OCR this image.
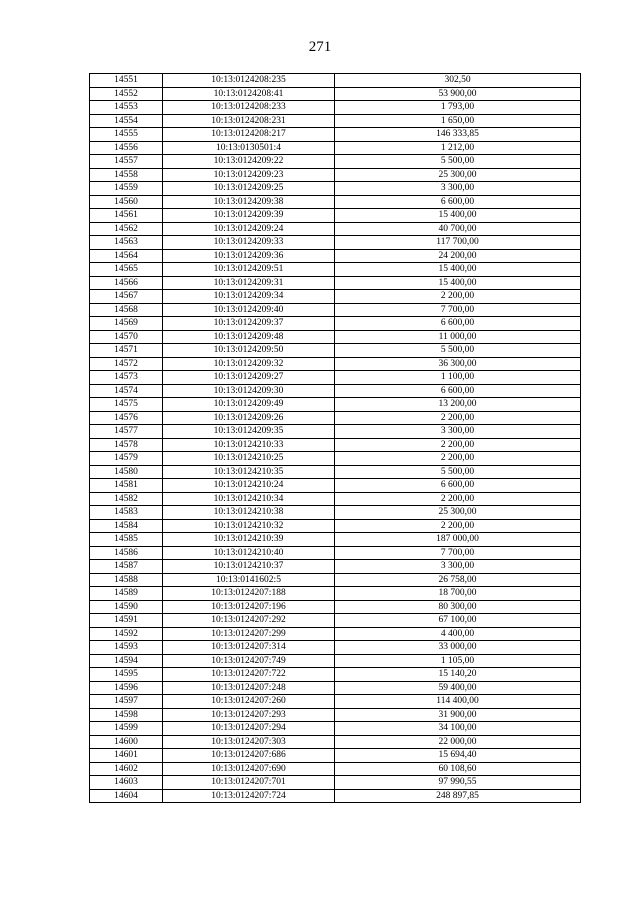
271
14551	10:13:0124208:235	302,50
14552	10:13:0124208:41	53 900,00
14553	10:13:0124208:233	1 793,00
14554	10:13:0124208:231	1 650,00
14555	10:13:0124208:217	146 333,85
14556	10:13:0130501:4	1 212,00
14557	10:13:0124209:22	5 500,00
14558	10:13:0124209:23	25 300,00
14559	10:13:0124209:25	3 300,00
14560	10:13:0124209:38	6 600,00
14561	10:13:0124209:39	15 400,00
14562	10:13:0124209:24	40 700,00
14563	10:13:0124209:33	117 700,00
14564	10:13:0124209:36	24 200,00
14565	10:13:0124209:51	15 400,00
14566	10:13:0124209:31	15 400,00
14567	10:13:0124209:34	2 200,00
14568	10:13:0124209:40	7 700,00
14569	10:13:0124209:37	6 600,00
14570	10:13:0124209:48	11 000,00
14571	10:13:0124209:50	5 500,00
14572	10:13:0124209:32	36 300,00
14573	10:13:0124209:27	1 100,00
14574	10:13:0124209:30	6 600,00
14575	10:13:0124209:49	13 200,00
14576	10:13:0124209:26	2 200,00
14577	10:13:0124209:35	3 300,00
14578	10:13:0124210:33	2 200,00
14579	10:13:0124210:25	2 200,00
14580	10:13:0124210:35	5 500,00
14581	10:13:0124210:24	6 600,00
14582	10:13:0124210:34	2 200,00
14583	10:13:0124210:38	25 300,00
14584	10:13:0124210:32	2 200,00
14585	10:13:0124210:39	187 000,00
14586	10:13:0124210:40	7 700,00
14587	10:13:0124210:37	3 300,00
14588	10:13:0141602:5	26 758,00
14589	10:13:0124207:188	18 700,00
14590	10:13:0124207:196	80 300,00
14591	10:13:0124207:292	67 100,00
14592	10:13:0124207:299	4 400,00
14593	10:13:0124207:314	33 000,00
14594	10:13:0124207:749	1 105,00
14595	10:13:0124207:722	15 140,20
14596	10:13:0124207:248	59 400,00
14597	10:13:0124207:260	114 400,00
14598	10:13:0124207:293	31 900,00
14599	10:13:0124207:294	34 100,00
14600	10:13:0124207:303	22 000,00
14601	10:13:0124207:686	15 694,40
14602	10:13:0124207:690	60 108,60
14603	10:13:0124207:701	97 990,55
14604	10:13:0124207:724	248 897,85
